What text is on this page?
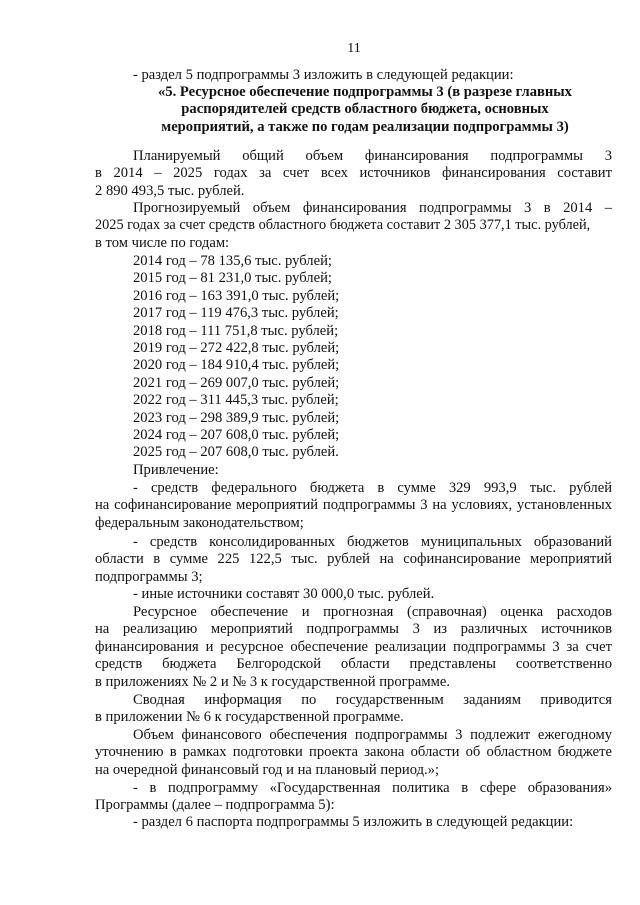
11
- раздел 5 подпрограммы 3 изложить в следующей редакции:
«5. Ресурсное обеспечение подпрограммы 3 (в разрезе главных
распорядителей средств областного бюджета, основных
мероприятий, а также по годам реализации подпрограммы 3)
Планируемый общий объем финансирования подпрограммы 3
в 2014 – 2025 годах за счет всех источников финансирования составит
2 890 493,5 тыс. рублей.
Прогнозируемый объем финансирования подпрограммы 3 в 2014 –
2025 годах за счет средств областного бюджета составит 2 305 377,1 тыс. рублей,
в том числе по годам:
2014 год – 78 135,6 тыс. рублей;
2015 год – 81 231,0 тыс. рублей;
2016 год – 163 391,0 тыс. рублей;
2017 год – 119 476,3 тыс. рублей;
2018 год – 111 751,8 тыс. рублей;
2019 год – 272 422,8 тыс. рублей;
2020 год – 184 910,4 тыс. рублей;
2021 год – 269 007,0 тыс. рублей;
2022 год – 311 445,3 тыс. рублей;
2023 год – 298 389,9 тыс. рублей;
2024 год – 207 608,0 тыс. рублей;
2025 год – 207 608,0 тыс. рублей.
Привлечение:
- средств федерального бюджета в сумме 329 993,9 тыс. рублей
на софинансирование мероприятий подпрограммы 3 на условиях, установленных
федеральным законодательством;
- средств консолидированных бюджетов муниципальных образований
области в сумме 225 122,5 тыс. рублей на софинансирование мероприятий
подпрограммы 3;
- иные источники составят 30 000,0 тыс. рублей.
Ресурсное обеспечение и прогнозная (справочная) оценка расходов
на реализацию мероприятий подпрограммы 3 из различных источников
финансирования и ресурсное обеспечение реализации подпрограммы 3 за счет
средств бюджета Белгородской области представлены соответственно
в приложениях № 2 и № 3 к государственной программе.
Сводная информация по государственным заданиям приводится
в приложении № 6 к государственной программе.
Объем финансового обеспечения подпрограммы 3 подлежит ежегодному
уточнению в рамках подготовки проекта закона области об областном бюджете
на очередной финансовый год и на плановый период.»;
- в подпрограмму «Государственная политика в сфере образования»
Программы (далее – подпрограмма 5):
- раздел 6 паспорта подпрограммы 5 изложить в следующей редакции:
